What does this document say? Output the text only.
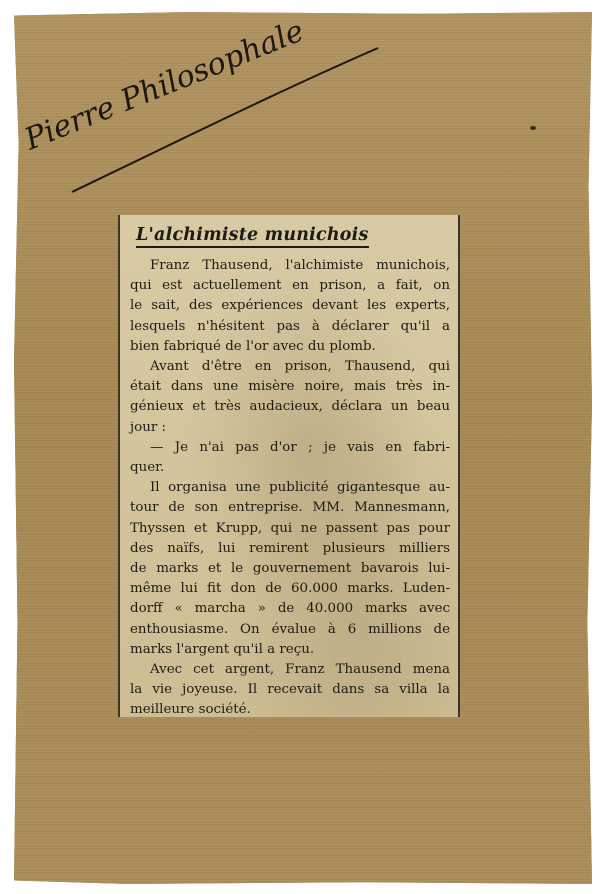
Pierre Philosophale
L'alchimiste munichois

Franz Thausend, l'alchimiste munichois,
qui est actuellement en prison, a fait, on
le sait, des expériences devant les experts,
lesquels n'hésitent pas à déclarer qu'il a
bien fabriqué de l'or avec du plomb.

Avant d'être en prison, Thausend, qui
était dans une misère noire, mais très in-
génieux et très audacieux, déclara un beau
jour :

— Je n'ai pas d'or ; je vais en fabri-
quer.

Il organisa une publicité gigantesque au-
tour de son entreprise. MM. Mannesmann,
Thyssen et Krupp, qui ne passent pas pour
des naïfs, lui remirent plusieurs milliers
de marks et le gouvernement bavarois lui-
même lui fit don de 60.000 marks. Luden-
dorff « marcha » de 40.000 marks avec
enthousiasme. On évalue à 6 millions de
marks l'argent qu'il a reçu.

Avec cet argent, Franz Thausend mena
la vie joyeuse. Il recevait dans sa villa la
meilleure société.
